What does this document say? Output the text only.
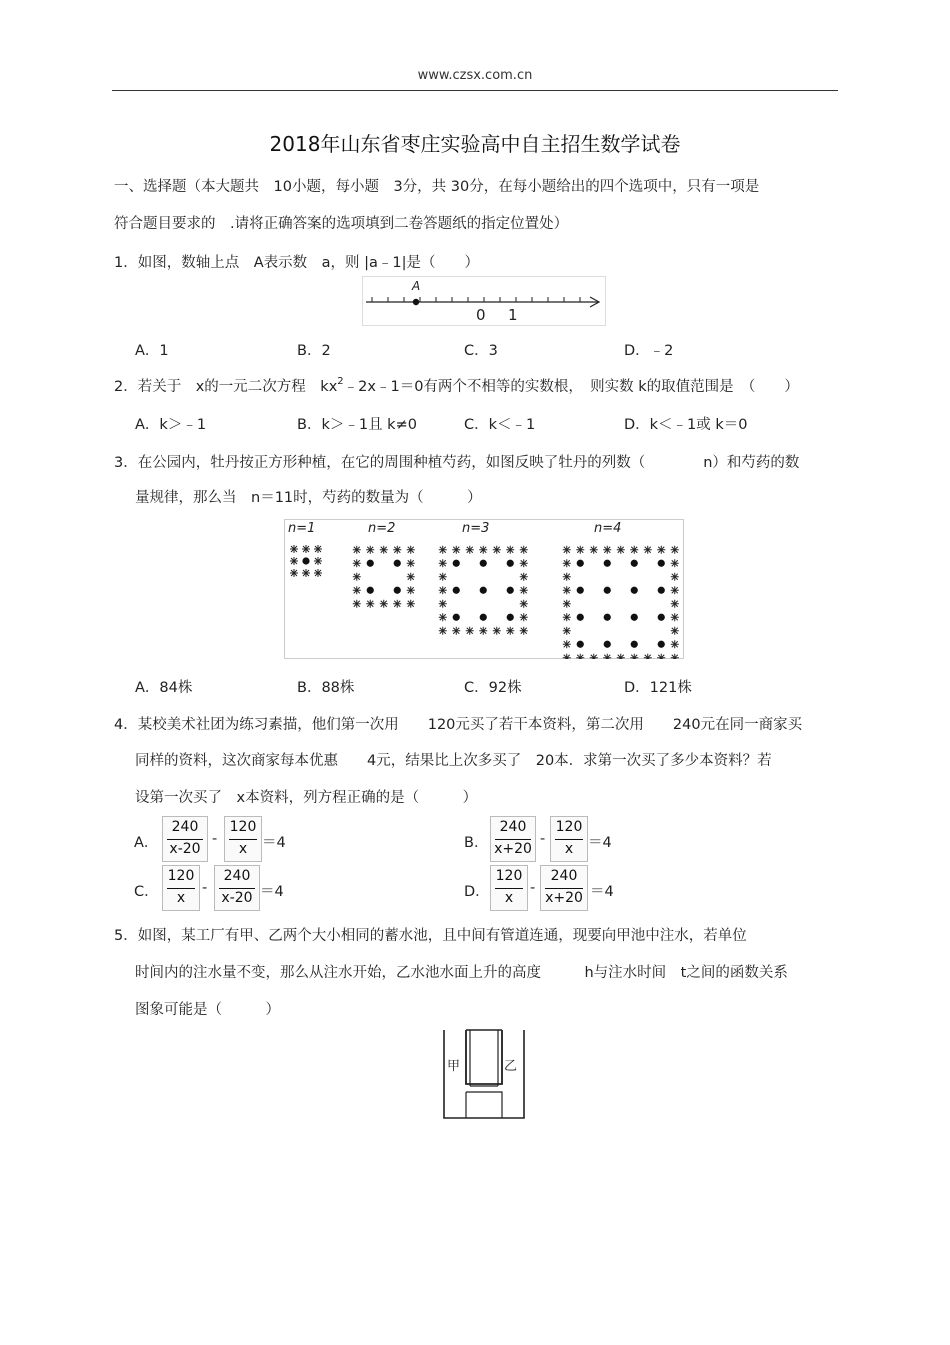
www.czsx.com.cn
2018年山东省枣庄实验高中自主招生数学试卷
一、选择题（本大题共　10小题，每小题　3分，共 30分，在每小题给出的四个选项中，只有一项是
符合题目要求的　.请将正确答案的选项填到二卷答题纸的指定位置处）
1．如图，数轴上点　A表示数　a，则 |a﹣1|是（　　）
A
0 1
A．1	B．2	C．3	D．﹣2
2．若关于　x的一元二次方程　$kx^2﹣2x﹣1=0$有两个不相等的实数根，　则实数 k的取值范围是　（　　）
A．k＞﹣1	B．k＞﹣1且 k≠0	C．k＜﹣1	D．k＜﹣1或 k＝0
3．在公园内，牡丹按正方形种植，在它的周围种植芍药，如图反映了牡丹的列数（　　　　n）和芍药的数
量规律，那么当　n＝11时，芍药的数量为（　　　）
n=1	n=2	n=3	n=4
A．84株	B．88株	C．92株	D．121株
4．某校美术社团为练习素描，他们第一次用　　120元买了若干本资料，第二次用　　240元在同一商家买
同样的资料，这次商家每本优惠　　4元，结果比上次多买了　20本．求第一次买了多少本资料？若
设第一次买了　x本资料，列方程正确的是（　　　）
A．
240
x-20
-
120
x	＝4	B．
240
x+20
-
120
x	＝4
C．
120
x
-
240
x-20 ＝4	D．
120
x
-
240
x+20 ＝4
5．如图，某工厂有甲、乙两个大小相同的蓄水池，且中间有管道连通，现要向甲池中注水，若单位
时间内的注水量不变，那么从注水开始，乙水池水面上升的高度　　　h与注水时间　t之间的函数关系
图象可能是（　　　）
甲	乙
